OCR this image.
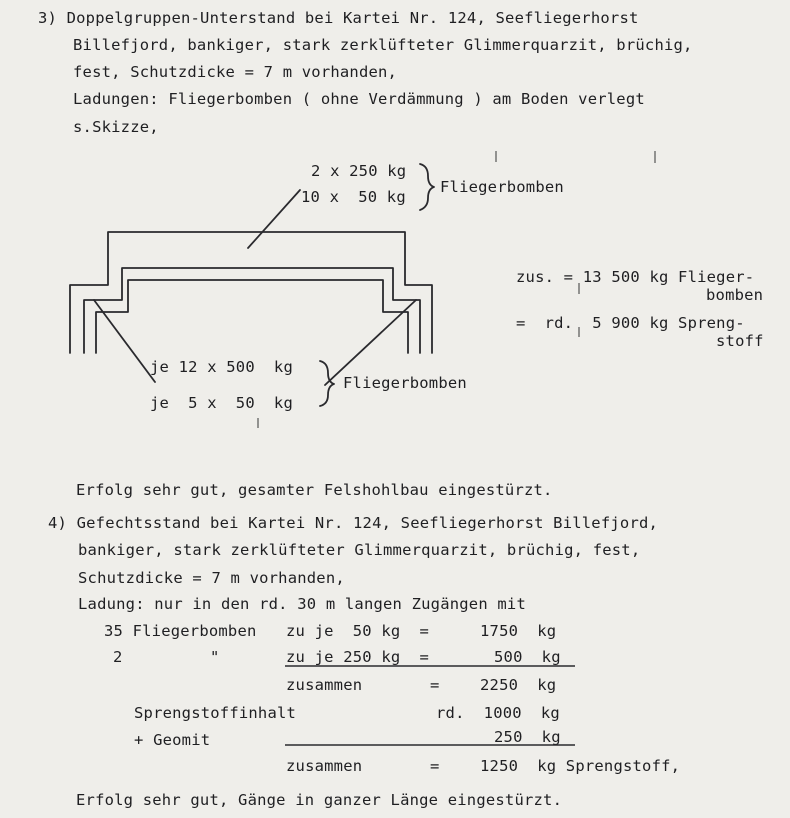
3) Doppelgruppen-Unterstand bei Kartei Nr. 124, Seefliegerhorst
Billefjord, bankiger, stark zerklüfteter Glimmerquarzit, brüchig,
fest, Schutzdicke = 7 m vorhanden,
Ladungen: Fliegerbomben ( ohne Verdämmung ) am Boden verlegt
s.Skizze,
2 x 250 kg
10 x  50 kg
Fliegerbomben
je 12 x 500  kg
je  5 x  50  kg
Fliegerbomben
zus. = 13 500 kg Flieger-
bomben
=  rd.  5 900 kg Spreng-
stoff
Erfolg sehr gut, gesamter Felshohlbau eingestürzt.
4) Gefechtsstand bei Kartei Nr. 124, Seefliegerhorst Billefjord,
bankiger, stark zerklüfteter Glimmerquarzit, brüchig, fest,
Schutzdicke = 7 m vorhanden,
Ladung: nur in den rd. 30 m langen Zugängen mit
35 Fliegerbomben zu je  50 kg  =	1750  kg
2	"	zu je 250 kg  =	500  kg
zusammen	=	2250  kg
Sprengstoffinhalt	rd.  1000  kg
+ Geomit	250  kg
zusammen	=	1250  kg Sprengstoff,
Erfolg sehr gut, Gänge in ganzer Länge eingestürzt.
